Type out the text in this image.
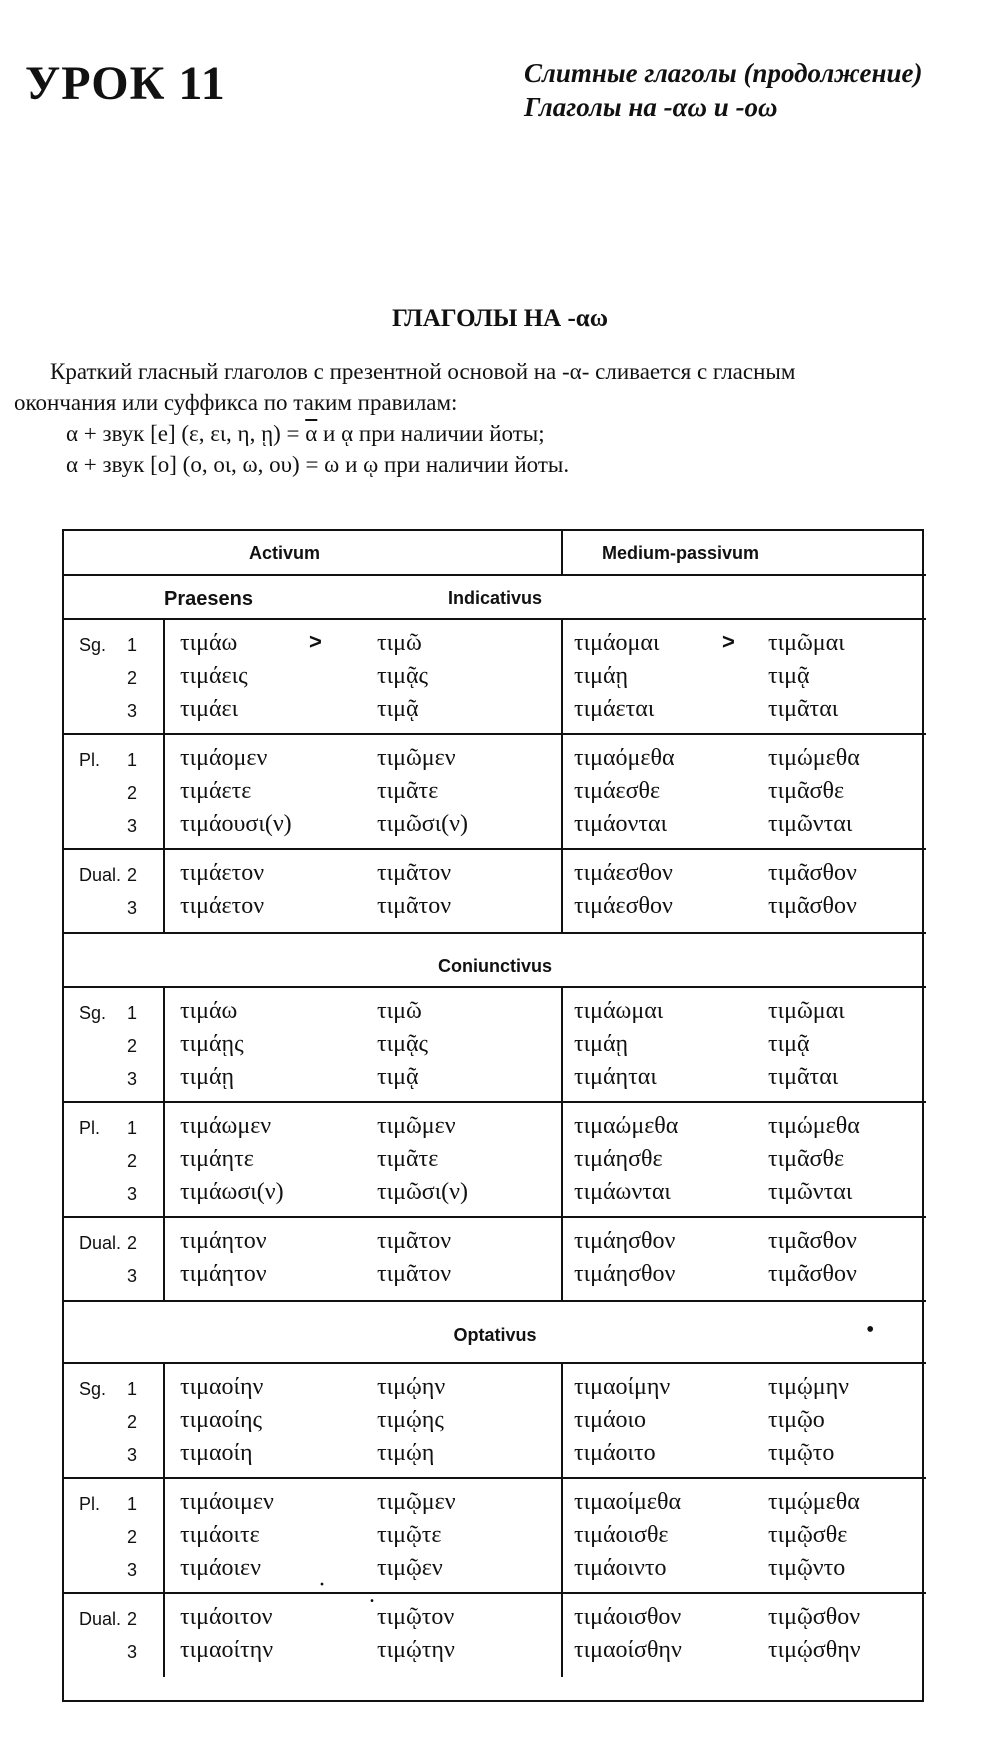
УРОК 11	Слитные глаголы (продолжение)
Глаголы на -αω и -οω
ГЛАГОЛЫ НА -αω
Краткий гласный глаголов с презентной основой на -α- сливается с гласным
окончания или суффикса по таким правилам:
α + звук [е] (ε, ει, η, ῃ) = $\overline{\alpha}$ и ᾳ при наличии йоты;
α + звук [о] (ο, οι, ω, ου) = ω и ῳ при наличии йоты.
Activum	Medium-passivum
Praesens	Indicativus
Sg. 1 τιμάω	τιμῶ	τιμάομαι	τιμῶμαι
>	>
2 τιμάεις	τιμᾷς	τιμάῃ	τιμᾷ
3 τιμάει	τιμᾷ	τιμάεται	τιμᾶται
Pl. 1 τιμάομεν	τιμῶμεν	τιμαόμεθα	τιμώμεθα
2 τιμάετε	τιμᾶτε	τιμάεσθε	τιμᾶσθε
3 τιμάουσι(ν)	τιμῶσι(ν)	τιμάονται	τιμῶνται
Dual. 2 τιμάετον	τιμᾶτον	τιμάεσθον	τιμᾶσθον
3 τιμάετον	τιμᾶτον	τιμάεσθον	τιμᾶσθον
Coniunctivus
Sg. 1 τιμάω	τιμῶ	τιμάωμαι	τιμῶμαι
2 τιμάῃς	τιμᾷς	τιμάῃ	τιμᾷ
3 τιμάῃ	τιμᾷ	τιμάηται	τιμᾶται
Pl. 1 τιμάωμεν	τιμῶμεν	τιμαώμεθα	τιμώμεθα
2 τιμάητε	τιμᾶτε	τιμάησθε	τιμᾶσθε
3 τιμάωσι(ν)	τιμῶσι(ν)	τιμάωνται	τιμῶνται
Dual. 2 τιμάητον	τιμᾶτον	τιμάησθον	τιμᾶσθον
3 τιμάητον	τιμᾶτον	τιμάησθον	τιμᾶσθον
Optativus
Sg. 1 τιμαοίην	τιμῴην	τιμαοίμην	τιμῴμην
2 τιμαοίης	τιμῴης	τιμάοιο	τιμῷο
3 τιμαοίη	τιμῴη	τιμάοιτο	τιμῷτο
Pl. 1 τιμάοιμεν	τιμῷμεν	τιμαοίμεθα	τιμῴμεθα
2 τιμάοιτε	τιμῷτε	τιμάοισθε	τιμῷσθε
3 τιμάοιεν	τιμῷεν	τιμάοιντο	τιμῷντο
Dual. 2 τιμάοιτον	τιμῷτον	τιμάοισθον	τιμῷσθον
3 τιμαοίτην	τιμῴτην	τιμαοίσθην	τιμῴσθην
· .
•
